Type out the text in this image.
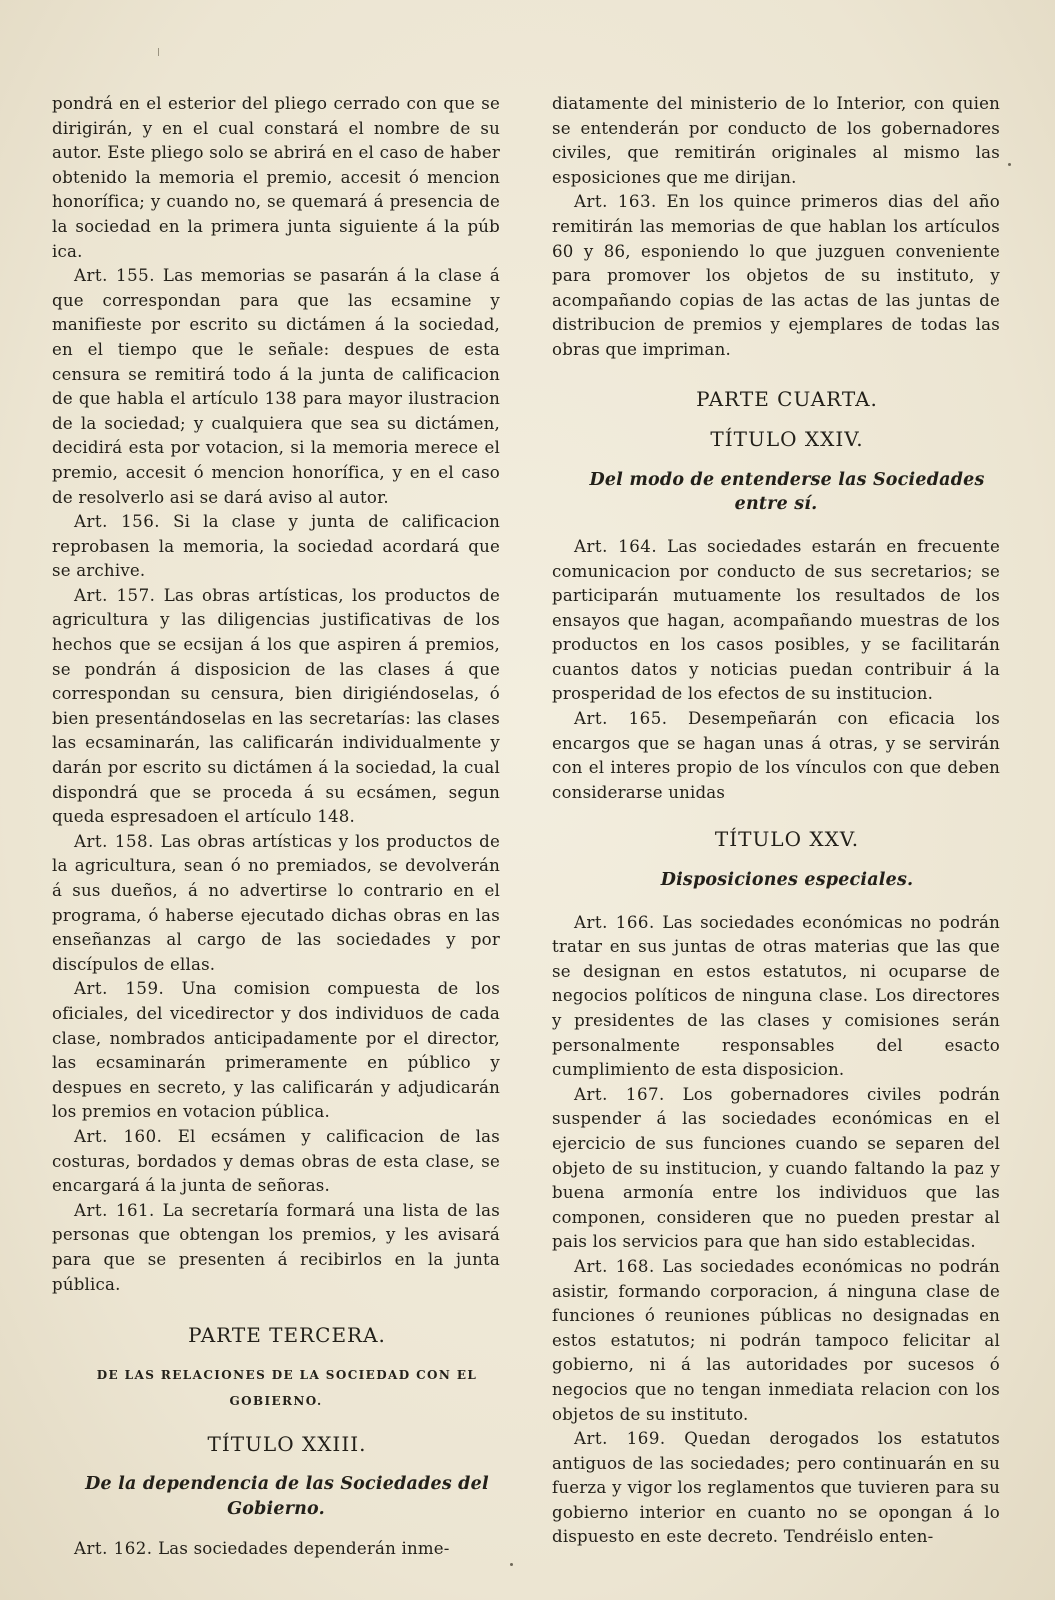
pondrá en el esterior del pliego cerrado con que se dirigirán, y en el cual constará el nombre de su autor. Este pliego solo se abrirá en el caso de haber obtenido la memoria el premio, accesit ó mencion honorífica; y cuando no, se quemará á presencia de la sociedad en la primera junta siguiente á la púb ica.

Art. 155. Las memorias se pasarán á la clase á que correspondan para que las ecsamine y manifieste por escrito su dictámen á la sociedad, en el tiempo que le señale: despues de esta censura se remitirá todo á la junta de calificacion de que habla el artículo 138 para mayor ilustracion de la sociedad; y cualquiera que sea su dictámen, decidirá esta por votacion, si la memoria merece el premio, accesit ó mencion honorífica, y en el caso de resolverlo asi se dará aviso al autor.

Art. 156. Si la clase y junta de calificacion reprobasen la memoria, la sociedad acordará que se archive.

Art. 157. Las obras artísticas, los productos de agricultura y las diligencias justificativas de los hechos que se ecsijan á los que aspiren á premios, se pondrán á disposicion de las clases á que correspondan su censura, bien dirigiéndoselas, ó bien presentándoselas en las secretarías: las clases las ecsaminarán, las calificarán individualmente y darán por escrito su dictámen á la sociedad, la cual dispondrá que se proceda á su ecsámen, segun queda espresadoen el artículo 148.

Art. 158. Las obras artísticas y los productos de la agricultura, sean ó no premiados, se devolverán á sus dueños, á no advertirse lo contrario en el programa, ó haberse ejecutado dichas obras en las enseñanzas al cargo de las sociedades y por discípulos de ellas.

Art. 159. Una comision compuesta de los oficiales, del vicedirector y dos individuos de cada clase, nombrados anticipadamente por el director, las ecsaminarán primeramente en público y despues en secreto, y las calificarán y adjudicarán los premios en votacion pública.

Art. 160. El ecsámen y calificacion de las costuras, bordados y demas obras de esta clase, se encargará á la junta de señoras.

Art. 161. La secretaría formará una lista de las personas que obtengan los premios, y les avisará para que se presenten á recibirlos en la junta pública.

PARTE TERCERA.

DE LAS RELACIONES DE LA SOCIEDAD CON EL GOBIERNO.

TÍTULO XXIII.

De la dependencia de las Sociedades del Gobierno.

Art. 162. Las sociedades dependerán inme-

diatamente del ministerio de lo Interior, con quien se entenderán por conducto de los gobernadores civiles, que remitirán originales al mismo las esposiciones que me dirijan.

Art. 163. En los quince primeros dias del año remitirán las memorias de que hablan los artículos 60 y 86, esponiendo lo que juzguen conveniente para promover los objetos de su instituto, y acompañando copias de las actas de las juntas de distribucion de premios y ejemplares de todas las obras que impriman.

PARTE CUARTA.

TÍTULO XXIV.

Del modo de entenderse las Sociedades entre sí.

Art. 164. Las sociedades estarán en frecuente comunicacion por conducto de sus secretarios; se participarán mutuamente los resultados de los ensayos que hagan, acompañando muestras de los productos en los casos posibles, y se facilitarán cuantos datos y noticias puedan contribuir á la prosperidad de los efectos de su institucion.

Art. 165. Desempeñarán con eficacia los encargos que se hagan unas á otras, y se servirán con el interes propio de los vínculos con que deben considerarse unidas

TÍTULO XXV.

Disposiciones especiales.

Art. 166. Las sociedades económicas no podrán tratar en sus juntas de otras materias que las que se designan en estos estatutos, ni ocuparse de negocios políticos de ninguna clase. Los directores y presidentes de las clases y comisiones serán personalmente responsables del esacto cumplimiento de esta disposicion.

Art. 167. Los gobernadores civiles podrán suspender á las sociedades económicas en el ejercicio de sus funciones cuando se separen del objeto de su institucion, y cuando faltando la paz y buena armonía entre los individuos que las componen, consideren que no pueden prestar al pais los servicios para que han sido establecidas.

Art. 168. Las sociedades económicas no podrán asistir, formando corporacion, á ninguna clase de funciones ó reuniones públicas no designadas en estos estatutos; ni podrán tampoco felicitar al gobierno, ni á las autoridades por sucesos ó negocios que no tengan inmediata relacion con los objetos de su instituto.

Art. 169. Quedan derogados los estatutos antiguos de las sociedades; pero continuarán en su fuerza y vigor los reglamentos que tuvieren para su gobierno interior en cuanto no se opongan á lo dispuesto en este decreto. Tendréislo enten-
